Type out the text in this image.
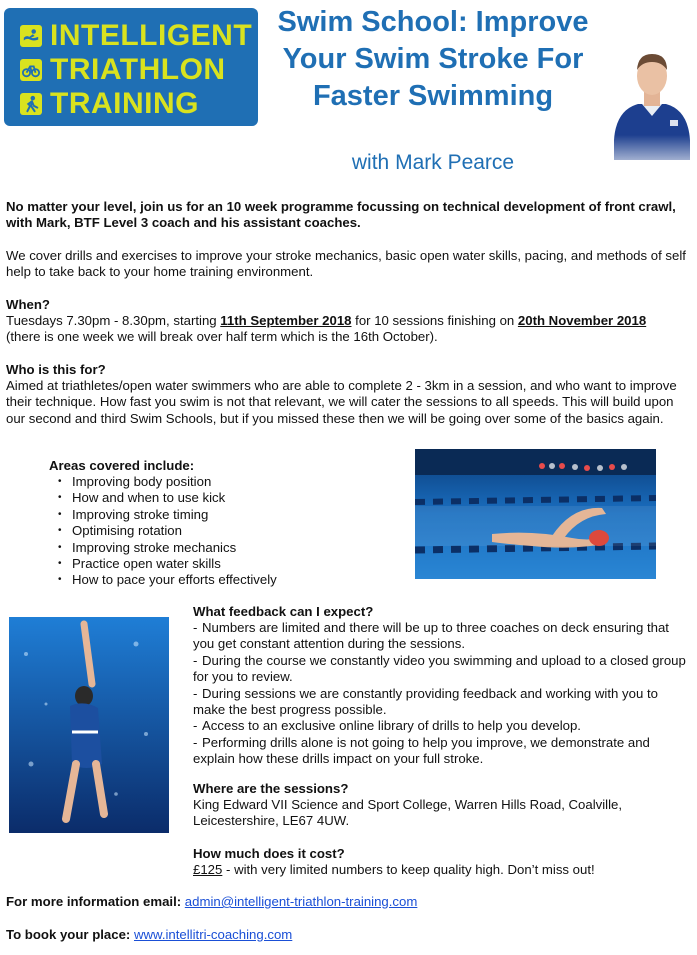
INTELLIGENT
TRIATHLON
TRAINING
Swim School: Improve Your Swim Stroke For Faster Swimming
with Mark Pearce

No matter your level, join us for an 10 week programme focussing on technical development of front crawl, with Mark, BTF Level 3 coach and his assistant coaches.

We cover drills and exercises to improve your stroke mechanics, basic open water skills, pacing, and methods of self help to take back to your home training environment.

When?

Tuesdays 7.30pm - 8.30pm, starting 11th September 2018 for 10 sessions finishing on 20th November 2018
(there is one week we will break over half term which is the 16th October).

Who is this for?

Aimed at triathletes/open water swimmers who are able to complete 2 - 3km in a session, and who want to improve their technique. How fast you swim is not that relevant, we will cater the sessions to all speeds. This will build upon our second and third Swim Schools, but if you missed these then we will be going over some of the basics again.

Areas covered include:

• Improving body position
• How and when to use kick
• Improving stroke timing
• Optimising rotation
• Improving stroke mechanics
• Practice open water skills
• How to pace your efforts effectively

What feedback can I expect?

‑ Numbers are limited and there will be up to three coaches on deck ensuring that you get constant attention during the sessions.
‑ During the course we constantly video you swimming and upload to a closed group for you to review.
‑ During sessions we are constantly providing feedback and working with you to make the best progress possible.
‑ Access to an exclusive online library of drills to help you develop.
‑ Performing drills alone is not going to help you improve, we demonstrate and explain how these drills impact on your full stroke.

Where are the sessions?

King Edward VII Science and Sport College, Warren Hills Road, Coalville, Leicestershire, LE67 4UW.

How much does it cost?

£125 - with very limited numbers to keep quality high. Don’t miss out!

For more information email: admin@intelligent-triathlon-training.com

To book your place: www.intellitri-coaching.com
